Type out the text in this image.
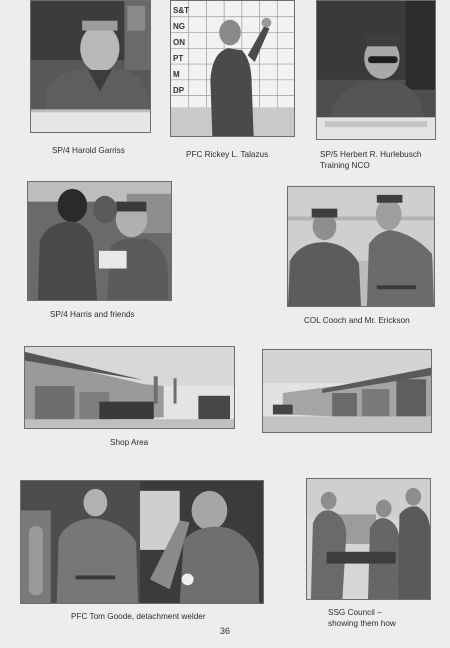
SP/4 Harold Garriss
S&T
NG
ON
PT
M
DP
PFC Rickey L. Talazus	SP/5 Herbert R. Hurlebusch
Training NCO
SP/4 Harris and friends
COL Cooch and Mr. Erickson
Shop Area
PFC Tom Goode, detachment welder	SSG Council –
showing them how
36
